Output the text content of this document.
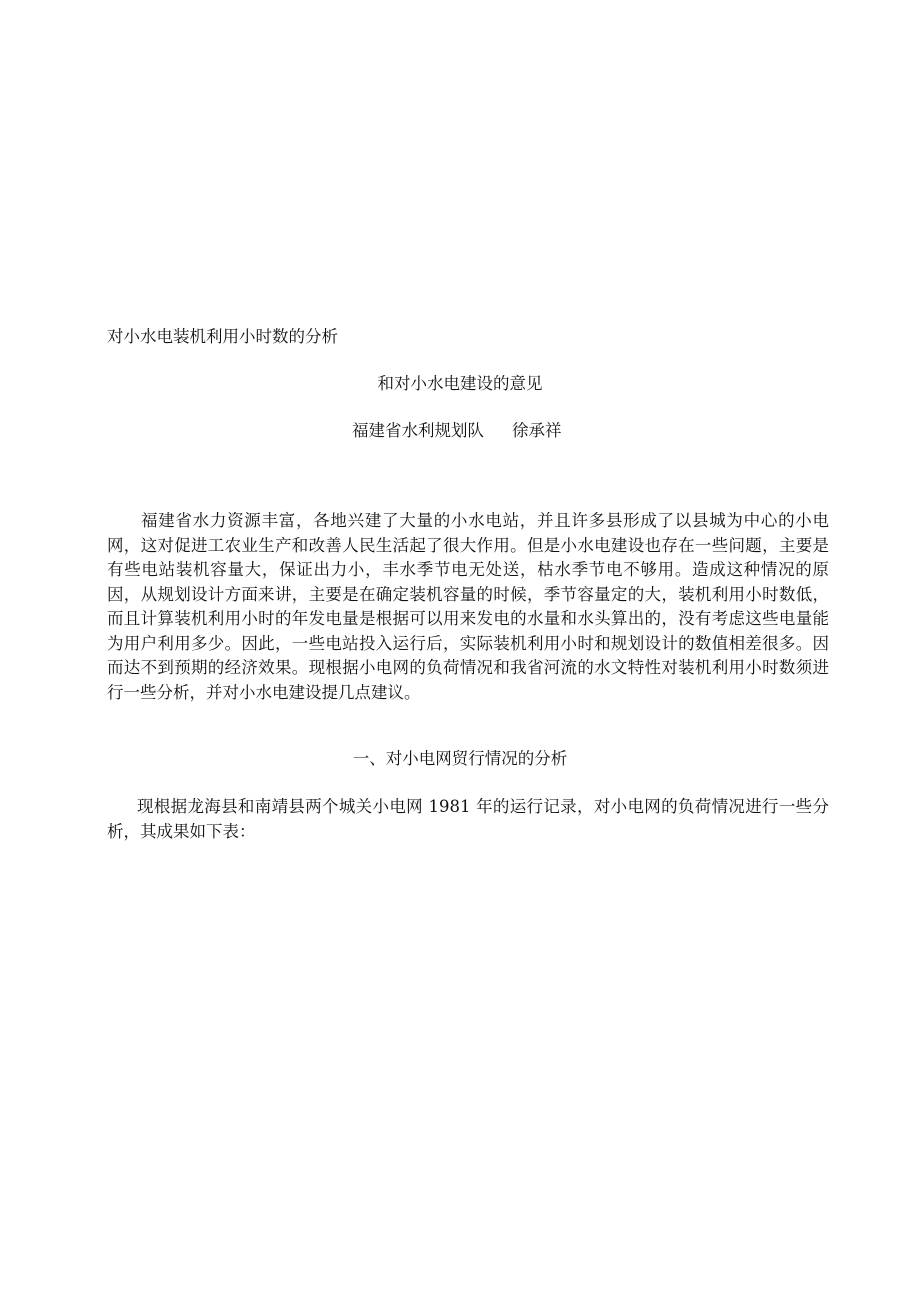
对小水电装机利用小时数的分析
和对小水电建设的意见
福建省水利规划队 徐承祥

福建省水力资源丰富，各地兴建了大量的小水电站，并且许多县形成了以县城为中心的小电网，这对促进工农业生产和改善人民生活起了很大作用。但是小水电建设也存在一些问题，主要是有些电站装机容量大，保证出力小，丰水季节电无处送，枯水季节电不够用。造成这种情况的原因，从规划设计方面来讲，主要是在确定装机容量的时候，季节容量定的大，装机利用小时数低，而且计算装机利用小时的年发电量是根据可以用来发电的水量和水头算出的，没有考虑这些电量能为用户利用多少。因此，一些电站投入运行后，实际装机利用小时和规划设计的数值相差很多。因而达不到预期的经济效果。现根据小电网的负荷情况和我省河流的水文特性对装机利用小时数须进行一些分析，并对小水电建设提几点建议。

一、对小电网贸行情况的分析

现根据龙海县和南靖县两个城关小电网 1981 年的运行记录，对小电网的负荷情况进行一些分析，其成果如下表：
